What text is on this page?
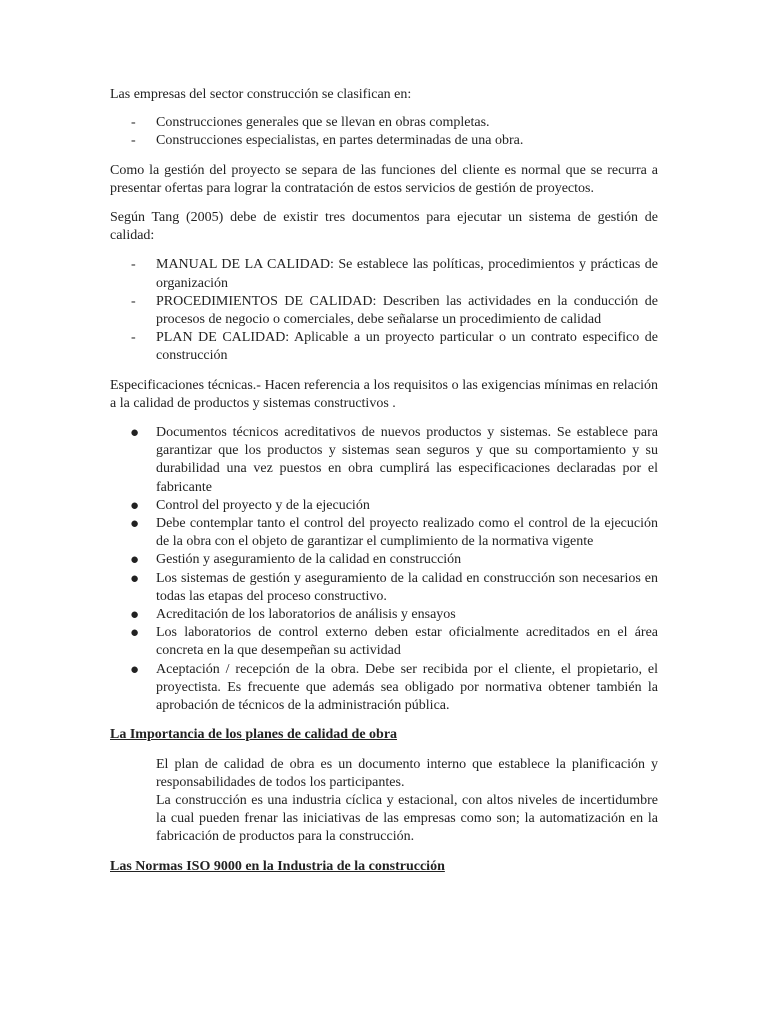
Las empresas del sector construcción se clasifican en:

- Construcciones generales que se llevan en obras completas.
- Construcciones especialistas, en partes determinadas de una obra.

Como la gestión del proyecto se separa de las funciones del cliente es normal que se recurra a presentar ofertas para lograr la contratación de estos servicios de gestión de proyectos.

Según Tang (2005) debe de existir tres documentos para ejecutar un sistema de gestión de calidad:

- MANUAL DE LA CALIDAD: Se establece las políticas, procedimientos y prácticas de organización
- PROCEDIMIENTOS DE CALIDAD: Describen las actividades en la conducción de procesos de negocio o comerciales, debe señalarse un procedimiento de calidad
- PLAN DE CALIDAD: Aplicable a un proyecto particular o un contrato especifico de construcción

Especificaciones técnicas.- Hacen referencia a los requisitos o las exigencias mínimas en relación a la calidad de productos y sistemas constructivos .

● Documentos técnicos acreditativos de nuevos productos y sistemas. Se establece para garantizar que los productos y sistemas sean seguros y que su comportamiento y su durabilidad una vez puestos en obra cumplirá las especificaciones declaradas por el fabricante
● Control del proyecto y de la ejecución
● Debe contemplar tanto el control del proyecto realizado como el control de la ejecución de la obra con el objeto de garantizar el cumplimiento de la normativa vigente
● Gestión y aseguramiento de la calidad en construcción
● Los sistemas de gestión y aseguramiento de la calidad en construcción son necesarios en todas las etapas del proceso constructivo.
● Acreditación de los laboratorios de análisis y ensayos
● Los laboratorios de control externo deben estar oficialmente acreditados en el área concreta en la que desempeñan su actividad
● Aceptación / recepción de la obra. Debe ser recibida por el cliente, el propietario, el proyectista. Es frecuente que además sea obligado por normativa obtener también la aprobación de técnicos de la administración pública.

La Importancia de los planes de calidad de obra

El plan de calidad de obra es un documento interno que establece la planificación y responsabilidades de todos los participantes.

La construcción es una industria cíclica y estacional, con altos niveles de incertidumbre la cual pueden frenar las iniciativas de las empresas como son; la automatización en la fabricación de productos para la construcción.

Las Normas ISO 9000 en la Industria de la construcción
